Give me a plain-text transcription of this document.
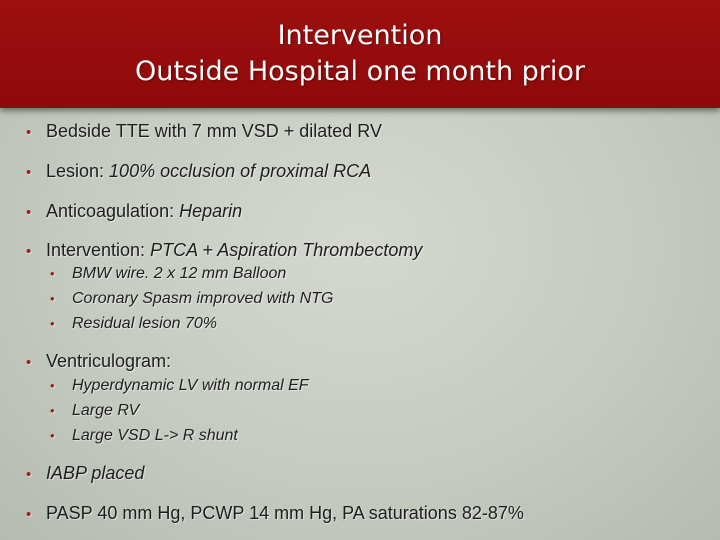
Intervention
Outside Hospital one month prior
• Bedside TTE with 7 mm VSD + dilated RV
• Lesion: 100% occlusion of proximal RCA
• Anticoagulation: Heparin
• Intervention: PTCA + Aspiration Thrombectomy
• BMW wire. 2 x 12 mm Balloon
• Coronary Spasm improved with NTG
• Residual lesion 70%
• Ventriculogram:
• Hyperdynamic LV with normal EF
• Large RV
• Large VSD L-> R shunt
• IABP placed
• PASP 40 mm Hg, PCWP 14 mm Hg, PA saturations 82-87%
